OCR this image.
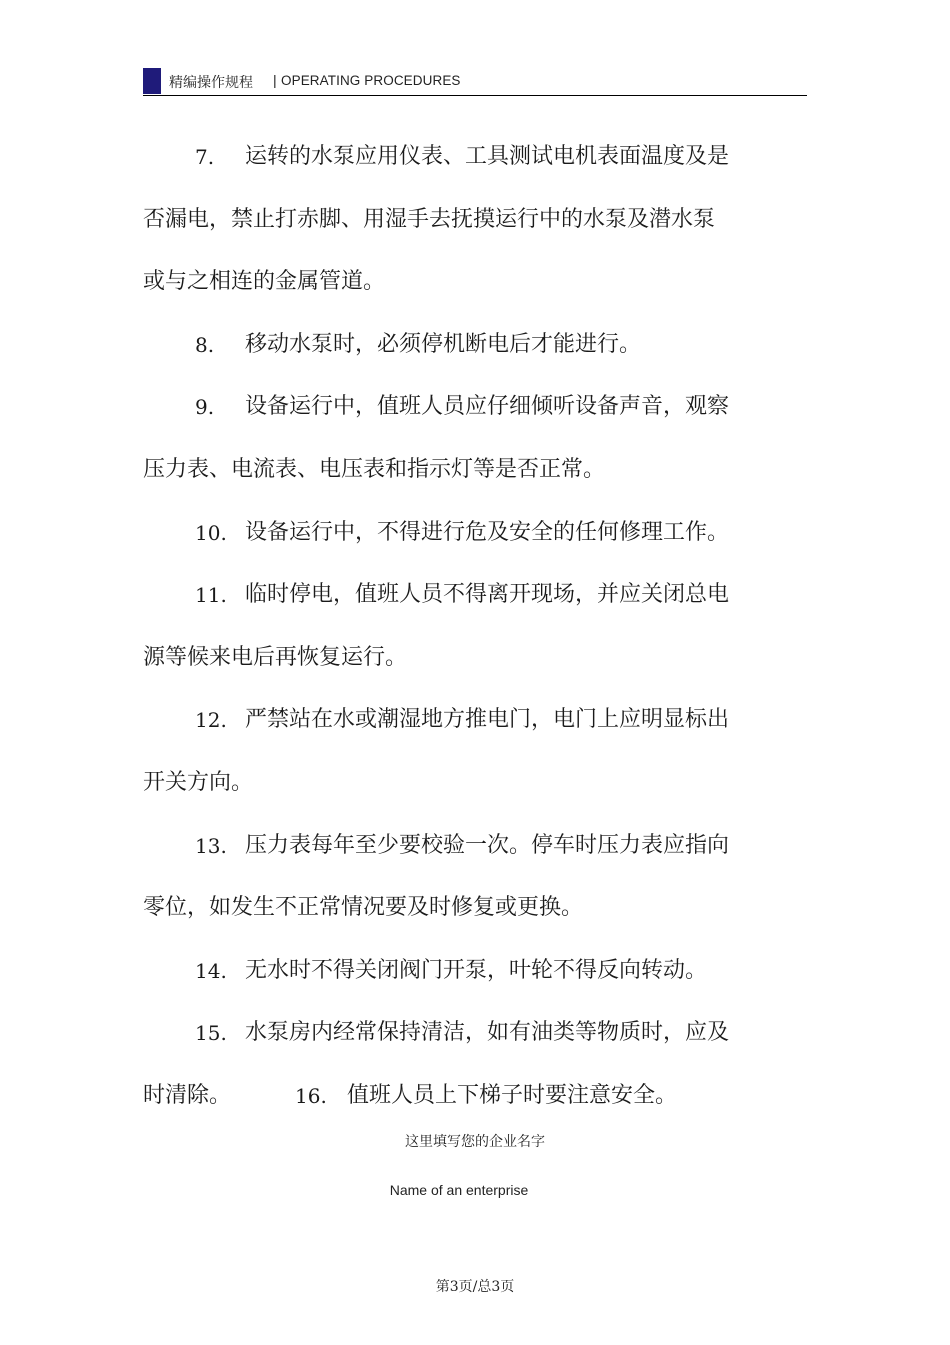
精编操作规程 | OPERATING PROCEDURES
7. 运转的水泵应用仪表、工具测试电机表面温度及是
否漏电，禁止打赤脚、用湿手去抚摸运行中的水泵及潜水泵
或与之相连的金属管道。
8. 移动水泵时，必须停机断电后才能进行。
9. 设备运行中，值班人员应仔细倾听设备声音，观察
压力表、电流表、电压表和指示灯等是否正常。
10. 设备运行中，不得进行危及安全的任何修理工作。
11. 临时停电，值班人员不得离开现场，并应关闭总电
源等候来电后再恢复运行。
12. 严禁站在水或潮湿地方推电门，电门上应明显标出
开关方向。
13. 压力表每年至少要校验一次。停车时压力表应指向
零位，如发生不正常情况要及时修复或更换。
14. 无水时不得关闭阀门开泵，叶轮不得反向转动。
15. 水泵房内经常保持清洁，如有油类等物质时，应及
时清除。	16. 值班人员上下梯子时要注意安全。
这里填写您的企业名字
Name of an enterprise
第3页/总3页
